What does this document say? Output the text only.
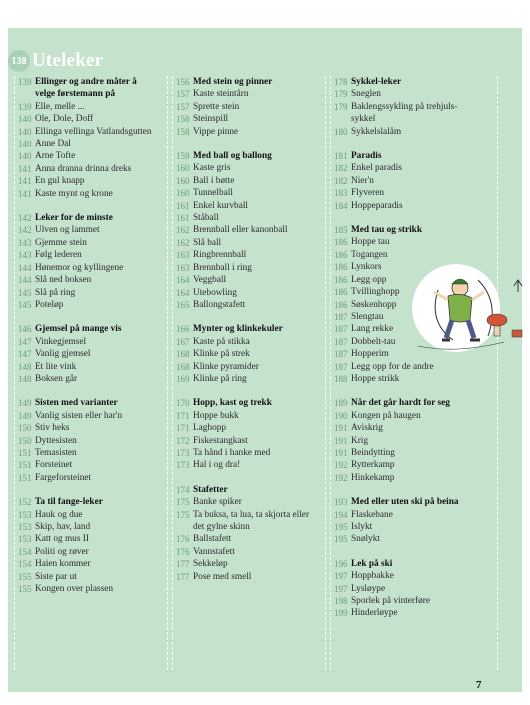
138 Uteleker
139 Ellinger og andre måter å
velge førstemann på
139 Elle, melle ...
140 Ole, Dole, Doff
140 Ellinga vellinga Vatlandsgutten
140 Anne Dal
140 Arne Tofte
141 Anna dranna drinna dreks
141 En gul knapp
141 Kaste mynt og krone
142 Leker for de minste
142 Ulven og lammet
143 Gjemme stein
143 Følg lederen
144 Hønemor og kyllingene
144 Slå ned boksen
145 Slå på ring
145 Poteløp
146 Gjemsel på mange vis
147 Vinkegjemsel
147 Vanlig gjemsel
148 Et lite vink
148 Boksen går
149 Sisten med varianter
149 Vanlig sisten eller har'n
150 Stiv heks
150 Dyttesisten
151 Temasisten
151 Forsteinet
151 Fargeforsteinet
152 Ta til fange-leker
153 Hauk og due
153 Skip, hav, land
153 Katt og mus II
154 Politi og røver
154 Haien kommer
155 Siste par ut
155 Kongen over plassen
156 Med stein og pinner
157 Kaste steintårn
157 Sprette stein
158 Steinspill
158 Vippe pinne
159 Med ball og ballong
160 Kaste gris
160 Ball i bøtte
160 Tunnelball
161 Enkel kurvball
161 Ståball
162 Brennball eller kanonball
162 Slå ball
163 Ringbrennball
163 Brennball i ring
164 Veggball
164 Utebowling
165 Ballongstafett
166 Mynter og klinkekuler
167 Kaste på stikka
168 Klinke på strek
168 Klinke pyramider
169 Klinke på ring
170 Hopp, kast og trekk
171 Hoppe bukk
171 Laghopp
172 Fiskestangkast
173 Ta hånd i hanke med
173 Hal i og dra!
174 Stafetter
175 Banke spiker
175 Ta buksa, ta lua, ta skjorta eller
det gylne skinn
176 Ballstafett
176 Vannstafett
177 Sekkeløp
177 Pose med smell
178 Sykkel-leker
179 Sneglen
179 Baklengssykling på trehjuls-
sykkel
180 Sykkelslalåm
181 Paradis
182 Enkel paradis
182 Nier'n
183 Flyveren
184 Hoppeparadis
185 Med tau og strikk
186 Hoppe tau
186 Togangen
186 Lynkors
186 Legg opp
186 Tvillinghopp
186 Søskenhopp
187 Slengtau
187 Lang rekke
187 Dobbelt-tau
187 Hopperim
187 Legg opp for de andre
188 Hoppe strikk
189 Når det går hardt for seg
190 Kongen på haugen
191 Aviskrig
191 Krig
191 Beindytting
192 Rytterkamp
192 Hinkekamp
193 Med eller uten ski på beina
194 Flaskebane
195 Islykt
195 Snølykt
196 Lek på ski
197 Hoppbakke
197 Lysløype
198 Sporlek på vinterføre
199 Hinderløype
7
